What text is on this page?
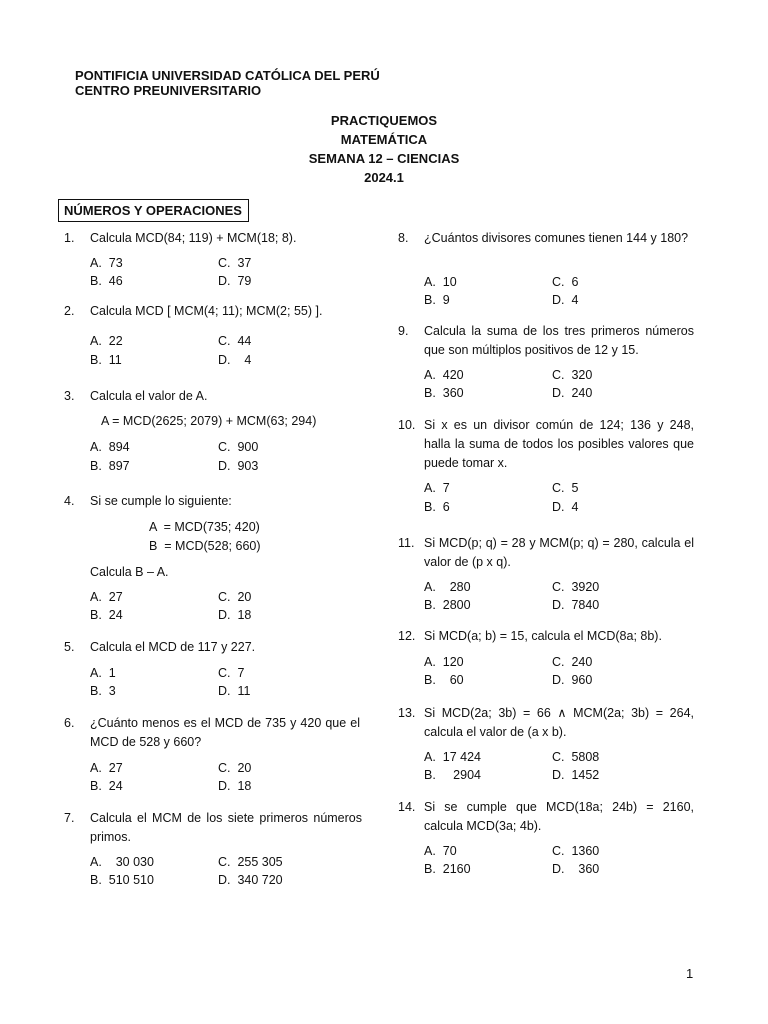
PONTIFICIA UNIVERSIDAD CATÓLICA DEL PERÚ
CENTRO PREUNIVERSITARIO
PRACTIQUEMOS
MATEMÁTICA
SEMANA 12 – CIENCIAS
2024.1
NÚMEROS Y OPERACIONES
1. Calcula MCD(84; 119) + MCM(18; 8).
A.  73	C.  37
B.  46	D.  79
2. Calcula MCD [ MCM(4; 11); MCM(2; 55) ].
A.  22	C.  44
B.  11	D.    4
3. Calcula el valor de A.
A = MCD(2625; 2079) + MCM(63; 294)
A.  894	C.  900
B.  897	D.  903
4. Si se cumple lo siguiente:
A  = MCD(735; 420)
B  = MCD(528; 660)
Calcula B – A.
A.  27	C.  20
B.  24	D.  18
5. Calcula el MCD de 117 y 227.
A.  1	C.  7
B.  3	D.  11
6. ¿Cuánto menos es el MCD de 735 y 420 que el MCD de 528 y 660?
A.  27	C.  20
B.  24	D.  18
7. Calcula el MCM de los siete primeros números primos.
A.    30 030	C.  255 305
B.  510 510	D.  340 720
8. ¿Cuántos divisores comunes tienen 144 y 180?
A.  10	C.  6
B.  9	D.  4
9. Calcula la suma de los tres primeros números que son múltiplos positivos de 12 y 15.
A.  420	C.  320
B.  360	D.  240
10. Si x es un divisor común de 124; 136 y 248, halla la suma de todos los posibles valores que puede tomar x.
A.  7	C.  5
B.  6	D.  4
11. Si MCD(p; q) = 28 y MCM(p; q) = 280, calcula el valor de (p x q).
A.    280	C.  3920
B.  2800	D.  7840
12. Si MCD(a; b) = 15, calcula el MCD(8a; 8b).
A.  120	C.  240
B.    60	D.  960
13. Si MCD(2a; 3b) = 66 ∧ MCM(2a; 3b) = 264, calcula el valor de (a x b).
A.  17 424	C.  5808
B.     2904	D.  1452
14. Si se cumple que MCD(18a; 24b) = 2160, calcula MCD(3a; 4b).
A.  70	C.  1360
B.  2160	D.    360
1
